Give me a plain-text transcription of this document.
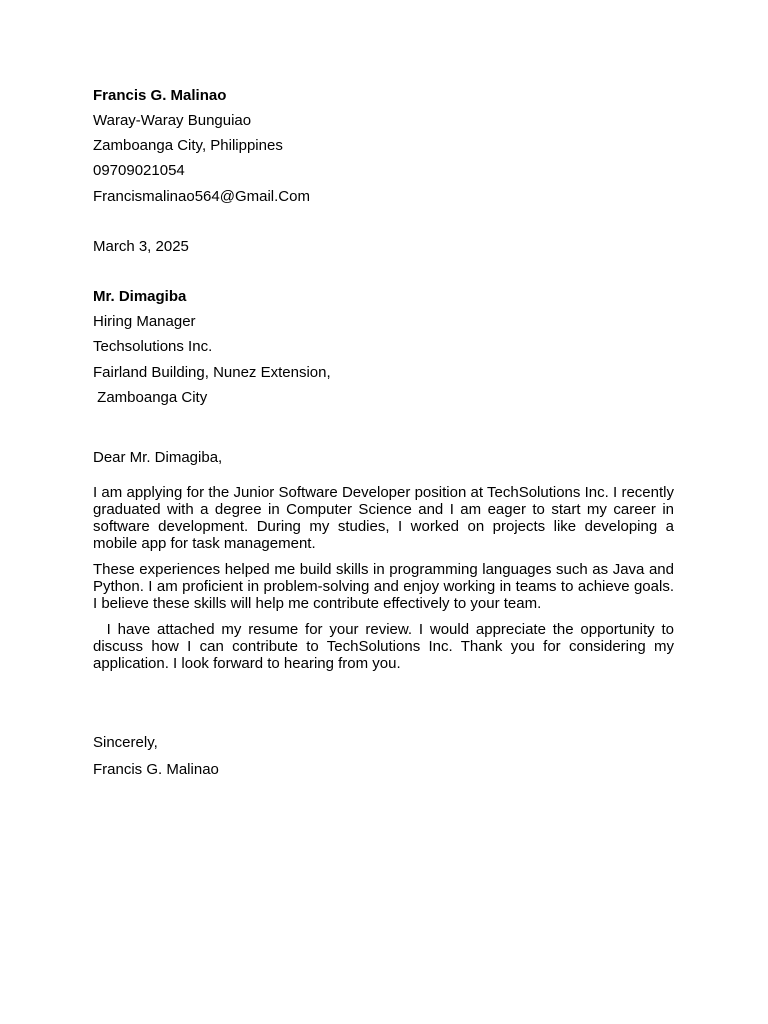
Francis G. Malinao
Waray-Waray Bunguiao
Zamboanga City, Philippines
09709021054
Francismalinao564@Gmail.Com
March 3, 2025
Mr. Dimagiba
Hiring Manager
Techsolutions Inc.
Fairland Building, Nunez Extension,
Zamboanga City
Dear Mr. Dimagiba,

I am applying for the Junior Software Developer position at TechSolutions Inc. I recently graduated with a degree in Computer Science and I am eager to start my career in software development. During my studies, I worked on projects like developing a mobile app for task management.

These experiences helped me build skills in programming languages such as Java and Python. I am proficient in problem-solving and enjoy working in teams to achieve goals. I believe these skills will help me contribute effectively to your team.

I have attached my resume for your review. I would appreciate the opportunity to discuss how I can contribute to TechSolutions Inc. Thank you for considering my application. I look forward to hearing from you.

Sincerely,
Francis G. Malinao
